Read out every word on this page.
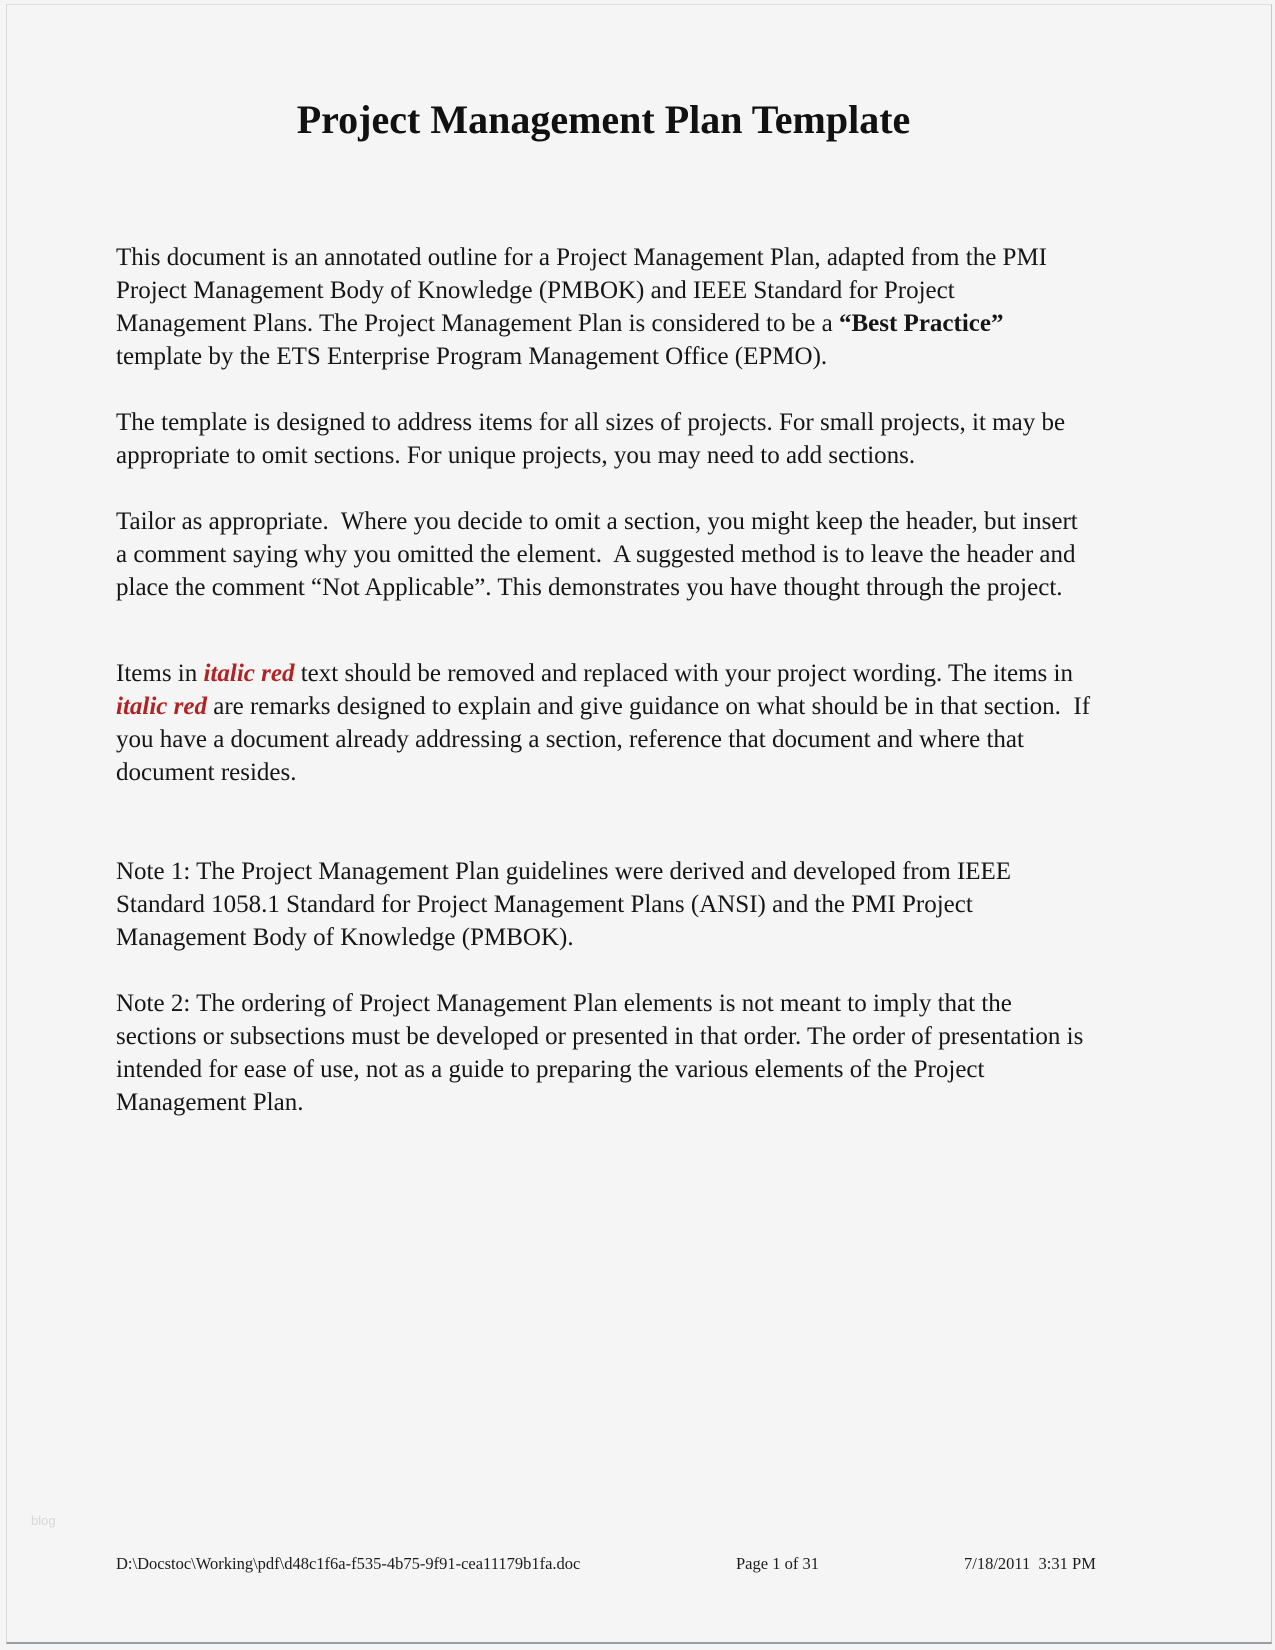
Project Management Plan Template
This document is an annotated outline for a Project Management Plan, adapted from the PMI Project Management Body of Knowledge (PMBOK) and IEEE Standard for Project Management Plans. The Project Management Plan is considered to be a “Best Practice” template by the ETS Enterprise Program Management Office (EPMO).
The template is designed to address items for all sizes of projects. For small projects, it may be appropriate to omit sections. For unique projects, you may need to add sections.
Tailor as appropriate.  Where you decide to omit a section, you might keep the header, but insert a comment saying why you omitted the element.  A suggested method is to leave the header and place the comment “Not Applicable”. This demonstrates you have thought through the project.
Items in italic red text should be removed and replaced with your project wording. The items in italic red are remarks designed to explain and give guidance on what should be in that section.  If you have a document already addressing a section, reference that document and where that document resides.
Note 1: The Project Management Plan guidelines were derived and developed from IEEE Standard 1058.1 Standard for Project Management Plans (ANSI) and the PMI Project Management Body of Knowledge (PMBOK).
Note 2: The ordering of Project Management Plan elements is not meant to imply that the sections or subsections must be developed or presented in that order. The order of presentation is intended for ease of use, not as a guide to preparing the various elements of the Project Management Plan.
D:\Docstoc\Working\pdf\d48c1f6a-f535-4b75-9f91-cea11179b1fa.doc	Page 1 of 31	7/18/2011  3:31 PM
blog
